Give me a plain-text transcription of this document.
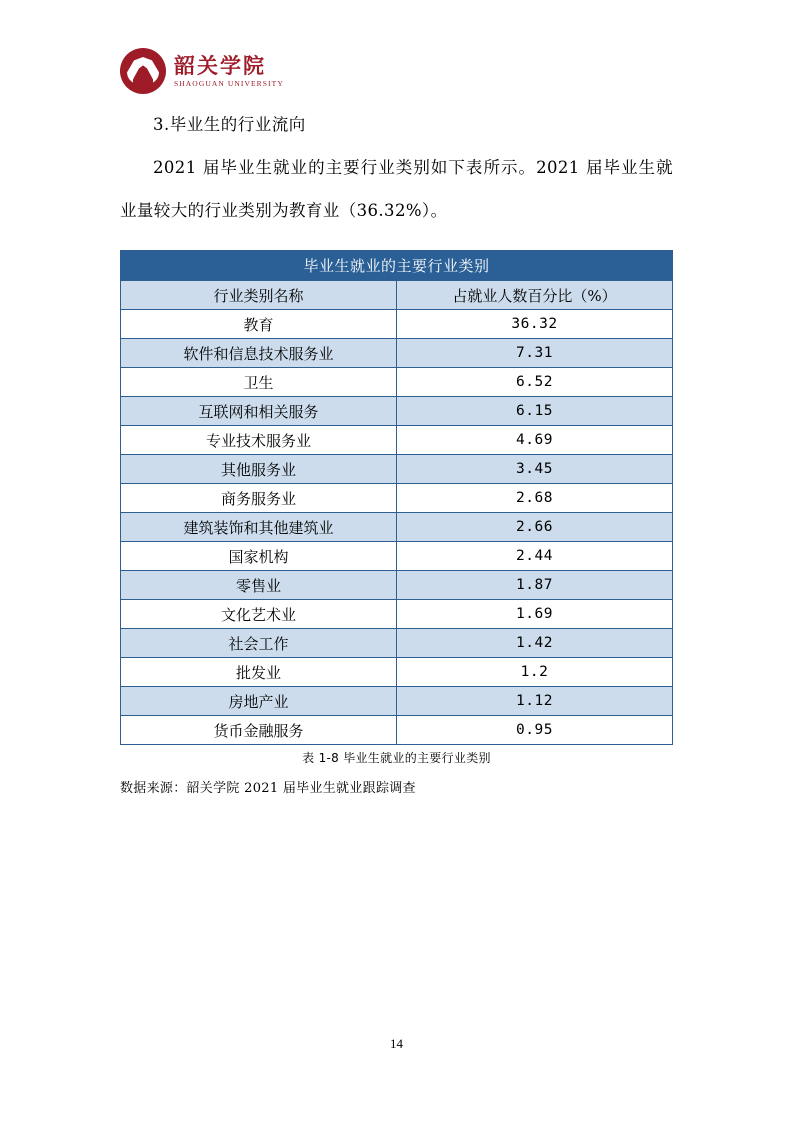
韶关学院
SHAOGUAN UNIVERSITY

3.毕业生的行业流向

2021 届毕业生就业的主要行业类别如下表所示。2021 届毕业生就业量较大的行业类别为教育业（36.32%）。

毕业生就业的主要行业类别	
行业类别名称	占就业人数百分比（%）
教育	36.32
软件和信息技术服务业	7.31
卫生	6.52
互联网和相关服务	6.15
专业技术服务业	4.69
其他服务业	3.45
商务服务业	2.68
建筑装饰和其他建筑业	2.66
国家机构	2.44
零售业	1.87
文化艺术业	1.69
社会工作	1.42
批发业	1.2
房地产业	1.12
货币金融服务	0.95
表 1-8 毕业生就业的主要行业类别
数据来源：韶关学院 2021 届毕业生就业跟踪调查
14
